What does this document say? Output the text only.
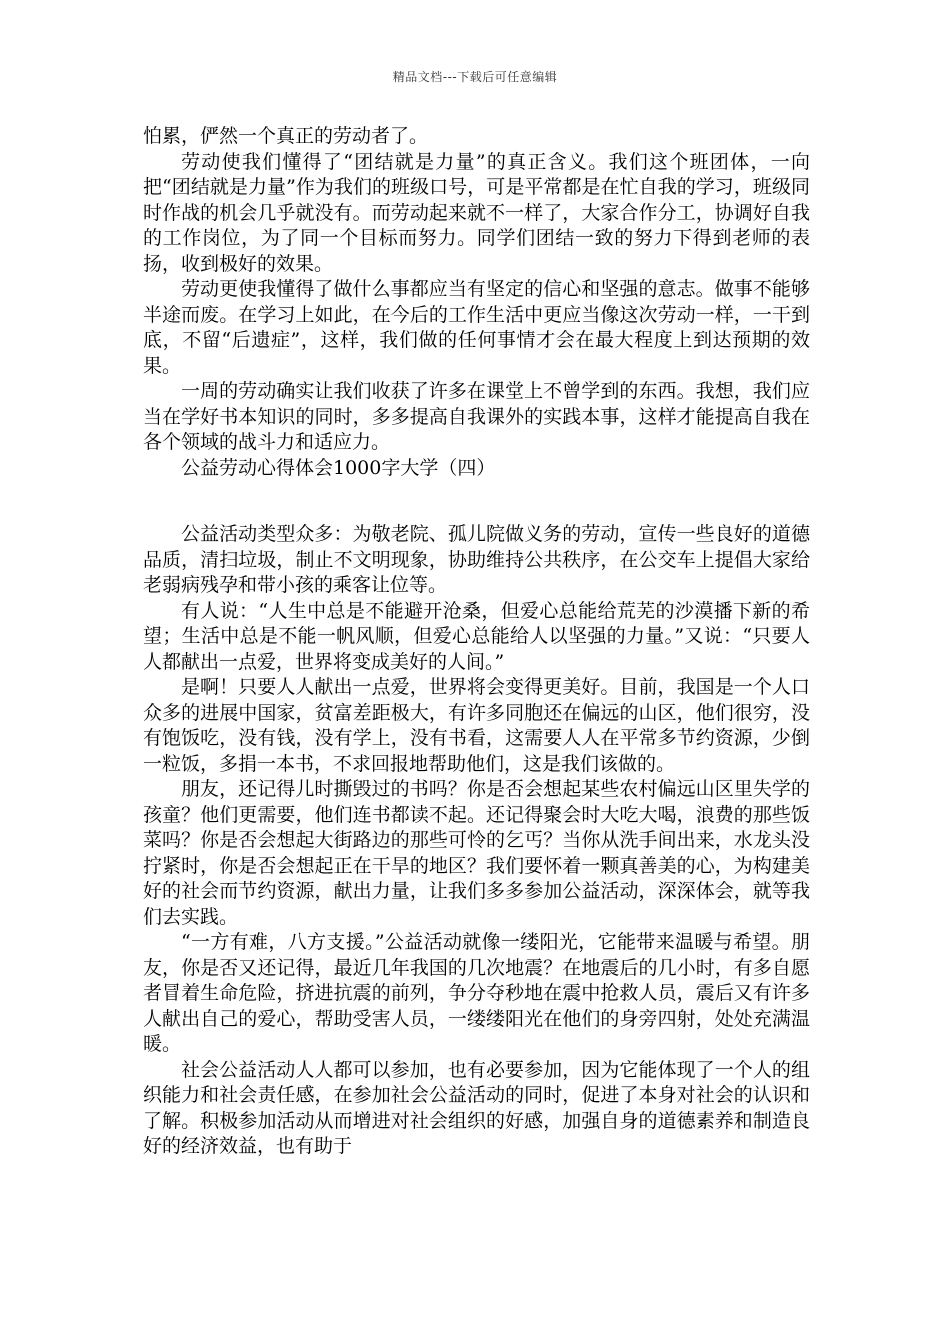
精品文档---下载后可任意编辑

怕累，俨然一个真正的劳动者了。

劳动使我们懂得了“团结就是力量”的真正含义。我们这个班团体，一向把“团结就是力量”作为我们的班级口号，可是平常都是在忙自我的学习，班级同时作战的机会几乎就没有。而劳动起来就不一样了，大家合作分工，协调好自我的工作岗位，为了同一个目标而努力。同学们团结一致的努力下得到老师的表扬，收到极好的效果。

劳动更使我懂得了做什么事都应当有坚定的信心和坚强的意志。做事不能够半途而废。在学习上如此，在今后的工作生活中更应当像这次劳动一样，一干到底，不留“后遗症”，这样，我们做的任何事情才会在最大程度上到达预期的效果。

一周的劳动确实让我们收获了许多在课堂上不曾学到的东西。我想，我们应当在学好书本知识的同时，多多提高自我课外的实践本事，这样才能提高自我在各个领域的战斗力和适应力。

公益劳动心得体会1000字大学（四）

公益活动类型众多：为敬老院、孤儿院做义务的劳动，宣传一些良好的道德品质，清扫垃圾，制止不文明现象，协助维持公共秩序，在公交车上提倡大家给老弱病残孕和带小孩的乘客让位等。

有人说：“人生中总是不能避开沧桑，但爱心总能给荒芜的沙漠播下新的希望；生活中总是不能一帆风顺，但爱心总能给人以坚强的力量。”又说：“只要人人都献出一点爱，世界将变成美好的人间。”

是啊！只要人人献出一点爱，世界将会变得更美好。目前，我国是一个人口众多的进展中国家，贫富差距极大，有许多同胞还在偏远的山区，他们很穷，没有饱饭吃，没有钱，没有学上，没有书看，这需要人人在平常多节约资源，少倒一粒饭，多捐一本书，不求回报地帮助他们，这是我们该做的。

朋友，还记得儿时撕毁过的书吗？你是否会想起某些农村偏远山区里失学的孩童？他们更需要，他们连书都读不起。还记得聚会时大吃大喝，浪费的那些饭菜吗？你是否会想起大街路边的那些可怜的乞丐？当你从洗手间出来，水龙头没拧紧时，你是否会想起正在干旱的地区？我们要怀着一颗真善美的心，为构建美好的社会而节约资源，献出力量，让我们多多参加公益活动，深深体会，就等我们去实践。

“一方有难，八方支援。”公益活动就像一缕阳光，它能带来温暖与希望。朋友，你是否又还记得，最近几年我国的几次地震？在地震后的几小时，有多自愿者冒着生命危险，挤进抗震的前列，争分夺秒地在震中抢救人员，震后又有许多人献出自己的爱心，帮助受害人员，一缕缕阳光在他们的身旁四射，处处充满温暖。

社会公益活动人人都可以参加，也有必要参加，因为它能体现了一个人的组织能力和社会责任感，在参加社会公益活动的同时，促进了本身对社会的认识和了解。积极参加活动从而增进对社会组织的好感，加强自身的道德素养和制造良好的经济效益，也有助于
